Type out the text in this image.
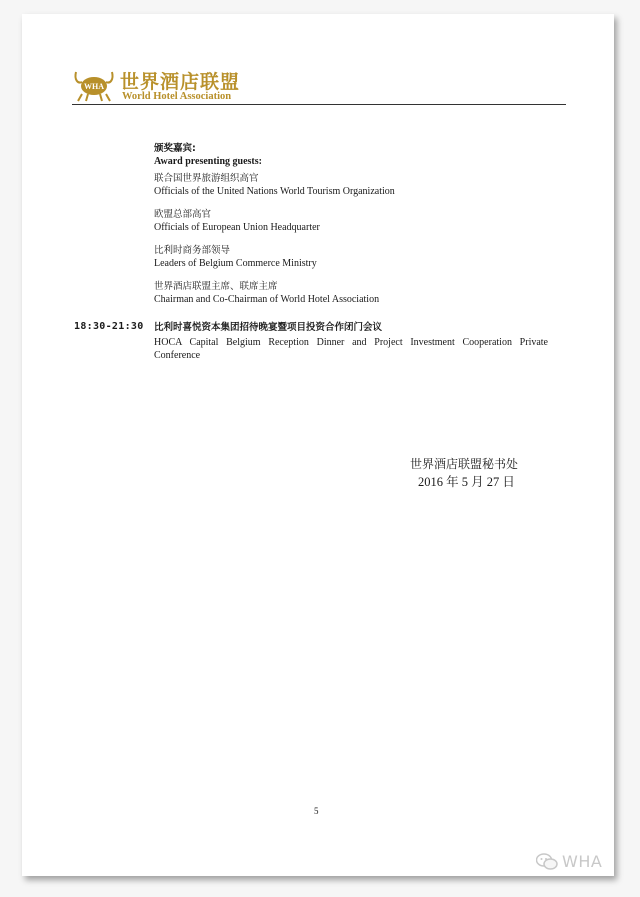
WHA 世界酒店联盟
World Hotel Association
颁奖嘉宾:
Award presenting guests:
联合国世界旅游组织高官
Officials of the United Nations World Tourism Organization
欧盟总部高官
Officials of European Union Headquarter
比利时商务部领导
Leaders of Belgium Commerce Ministry
世界酒店联盟主席、联席主席
Chairman and Co-Chairman of World Hotel Association
18:30-21:30 比利时喜悦资本集团招待晚宴暨项目投资合作闭门会议
HOCA Capital Belgium Reception Dinner and Project Investment Cooperation Private Conference
世界酒店联盟秘书处
2016 年 5 月 27 日
5
WHA
